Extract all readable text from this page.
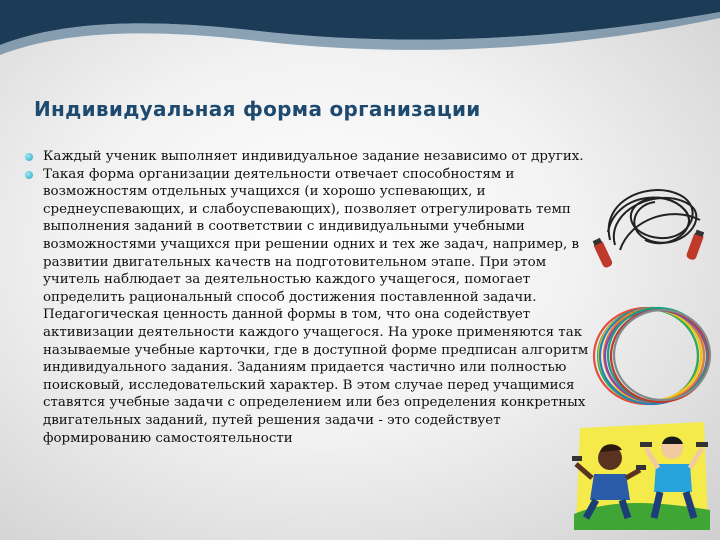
Индивидуальная форма организации
Каждый ученик выполняет индивидуальное задание независимо от других.
Такая форма организации деятельности отвечает способностям и возможностям отдельных учащихся (и хорошо успевающих, и среднеуспевающих, и слабоуспевающих), позволяет отрегулировать темп выполнения заданий в соответствии с индивидуальными учебными возможностями учащихся при решении одних и тех же задач, например, в развитии двигательных качеств на подготовительном этапе. При этом учитель наблюдает за деятельностью каждого учащегося, помогает определить рациональный способ достижения поставленной задачи. Педагогическая ценность данной формы в том, что она содействует активизации деятельности каждого учащегося. На уроке применяются так называемые учебные карточки, где в доступной форме предписан алгоритм индивидуального задания. Заданиям придается частично или полностью поисковый, исследовательский характер. В этом случае перед учащимися ставятся учебные задачи с определением или без определения конкретных двигательных заданий, путей решения задачи - это содействует формированию самостоятельности
